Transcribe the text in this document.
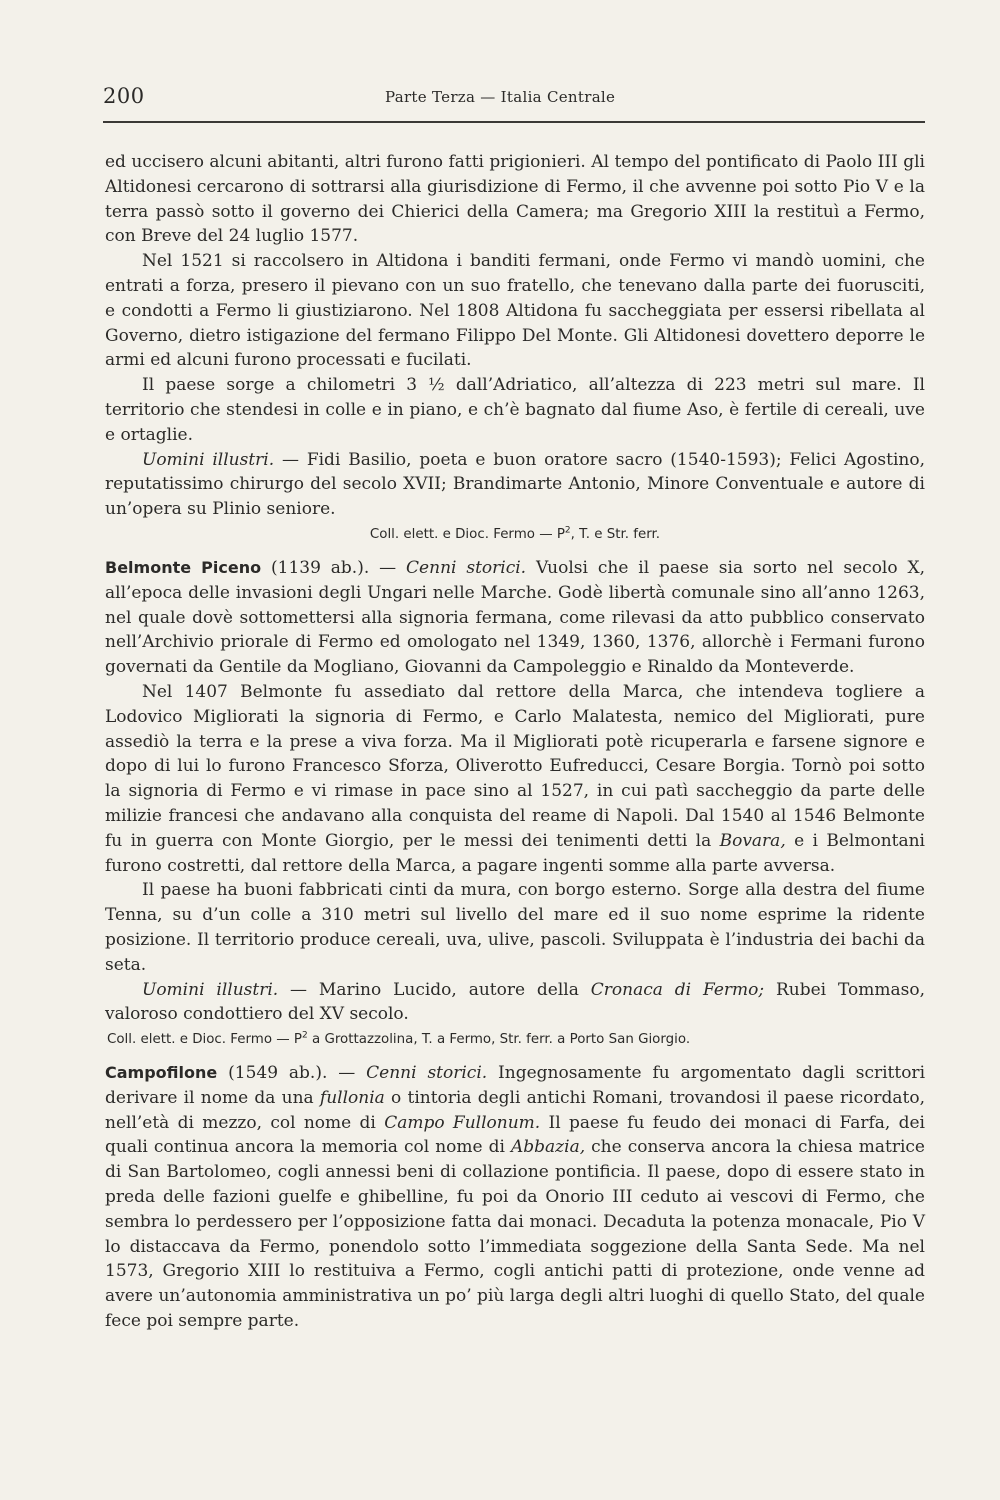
200	Parte Terza — Italia Centrale

ed uccisero alcuni abitanti, altri furono fatti prigionieri. Al tempo del pontificato di Paolo III gli Altidonesi cercarono di sottrarsi alla giurisdizione di Fermo, il che avvenne poi sotto Pio V e la terra passò sotto il governo dei Chierici della Camera; ma Gregorio XIII la restituì a Fermo, con Breve del 24 luglio 1577.

Nel 1521 si raccolsero in Altidona i banditi fermani, onde Fermo vi mandò uomini, che entrati a forza, presero il pievano con un suo fratello, che tenevano dalla parte dei fuorusciti, e condotti a Fermo li giustiziarono. Nel 1808 Altidona fu saccheggiata per essersi ribellata al Governo, dietro istigazione del fermano Filippo Del Monte. Gli Altidonesi dovettero deporre le armi ed alcuni furono processati e fucilati.

Il paese sorge a chilometri 3 ½ dall’Adriatico, all’altezza di 223 metri sul mare. Il territorio che stendesi in colle e in piano, e ch’è bagnato dal fiume Aso, è fertile di cereali, uve e ortaglie.

Uomini illustri. — Fidi Basilio, poeta e buon oratore sacro (1540-1593); Felici Agostino, reputatissimo chirurgo del secolo XVII; Brandimarte Antonio, Minore Conventuale e autore di un’opera su Plinio seniore.

Coll. elett. e Dioc. Fermo — $P^2$, T. e Str. ferr.

Belmonte Piceno (1139 ab.). — Cenni storici. Vuolsi che il paese sia sorto nel secolo X, all’epoca delle invasioni degli Ungari nelle Marche. Godè libertà comunale sino all’anno 1263, nel quale dovè sottomettersi alla signoria fermana, come rilevasi da atto pubblico conservato nell’Archivio priorale di Fermo ed omologato nel 1349, 1360, 1376, allorchè i Fermani furono governati da Gentile da Mogliano, Giovanni da Campoleggio e Rinaldo da Monteverde.

Nel 1407 Belmonte fu assediato dal rettore della Marca, che intendeva togliere a Lodovico Migliorati la signoria di Fermo, e Carlo Malatesta, nemico del Migliorati, pure assediò la terra e la prese a viva forza. Ma il Migliorati potè ricuperarla e farsene signore e dopo di lui lo furono Francesco Sforza, Oliverotto Eufreducci, Cesare Borgia. Tornò poi sotto la signoria di Fermo e vi rimase in pace sino al 1527, in cui patì saccheggio da parte delle milizie francesi che andavano alla conquista del reame di Napoli. Dal 1540 al 1546 Belmonte fu in guerra con Monte Giorgio, per le messi dei tenimenti detti la Bovara, e i Belmontani furono costretti, dal rettore della Marca, a pagare ingenti somme alla parte avversa.

Il paese ha buoni fabbricati cinti da mura, con borgo esterno. Sorge alla destra del fiume Tenna, su d’un colle a 310 metri sul livello del mare ed il suo nome esprime la ridente posizione. Il territorio produce cereali, uva, ulive, pascoli. Sviluppata è l’industria dei bachi da seta.

Uomini illustri. — Marino Lucido, autore della Cronaca di Fermo; Rubei Tommaso, valoroso condottiero del XV secolo.

Coll. elett. e Dioc. Fermo — $P^2$ a Grottazzolina, T. a Fermo, Str. ferr. a Porto San Giorgio.

Campofilone (1549 ab.). — Cenni storici. Ingegnosamente fu argomentato dagli scrittori derivare il nome da una fullonia o tintoria degli antichi Romani, trovandosi il paese ricordato, nell’età di mezzo, col nome di Campo Fullonum. Il paese fu feudo dei monaci di Farfa, dei quali continua ancora la memoria col nome di Abbazia, che conserva ancora la chiesa matrice di San Bartolomeo, cogli annessi beni di collazione pontificia. Il paese, dopo di essere stato in preda delle fazioni guelfe e ghibelline, fu poi da Onorio III ceduto ai vescovi di Fermo, che sembra lo perdessero per l’opposizione fatta dai monaci. Decaduta la potenza monacale, Pio V lo distaccava da Fermo, ponendolo sotto l’immediata soggezione della Santa Sede. Ma nel 1573, Gregorio XIII lo restituiva a Fermo, cogli antichi patti di protezione, onde venne ad avere un’autonomia amministrativa un po’ più larga degli altri luoghi di quello Stato, del quale fece poi sempre parte.
